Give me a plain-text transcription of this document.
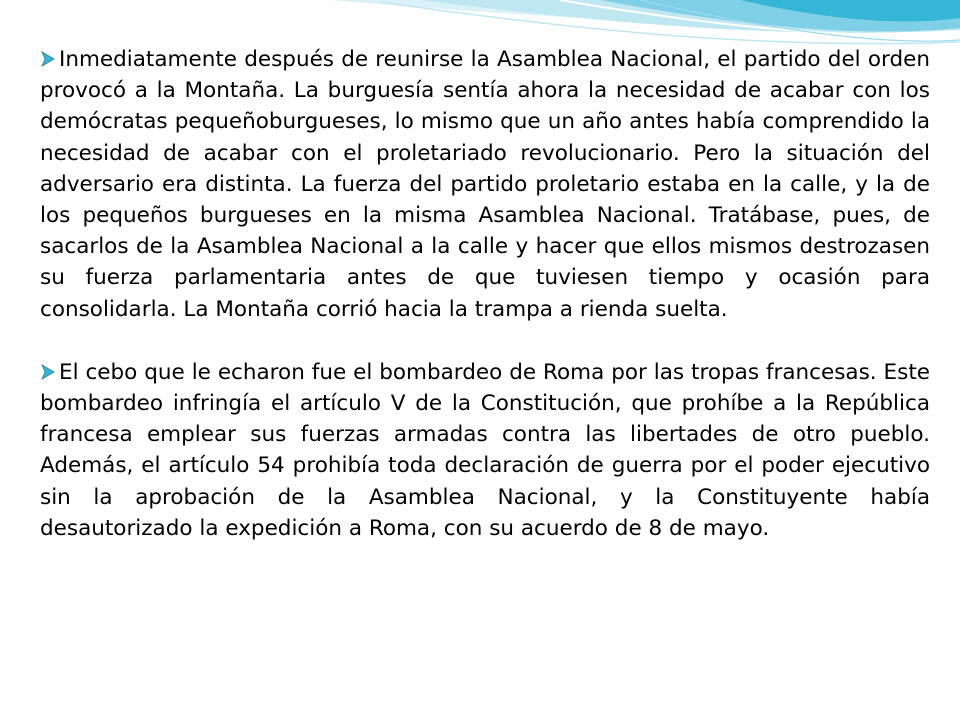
Inmediatamente después de reunirse la Asamblea Nacional, el partido del orden provocó a la Montaña. La burguesía sentía ahora la necesidad de acabar con los demócratas pequeñoburgueses, lo mismo que un año antes había comprendido la necesidad de acabar con el proletariado revolucionario. Pero la situación del adversario era distinta. La fuerza del partido proletario estaba en la calle, y la de los pequeños burgueses en la misma Asamblea Nacional. Tratábase, pues, de sacarlos de la Asamblea Nacional a la calle y hacer que ellos mismos destrozasen su fuerza parlamentaria antes de que tuviesen tiempo y ocasión para consolidarla. La Montaña corrió hacia la trampa a rienda suelta.

El cebo que le echaron fue el bombardeo de Roma por las tropas francesas. Este bombardeo infringía el artículo V de la Constitución, que prohíbe a la República francesa emplear sus fuerzas armadas contra las libertades de otro pueblo. Además, el artículo 54 prohibía toda declaración de guerra por el poder ejecutivo sin la aprobación de la Asamblea Nacional, y la Constituyente había desautorizado la expedición a Roma, con su acuerdo de 8 de mayo.
